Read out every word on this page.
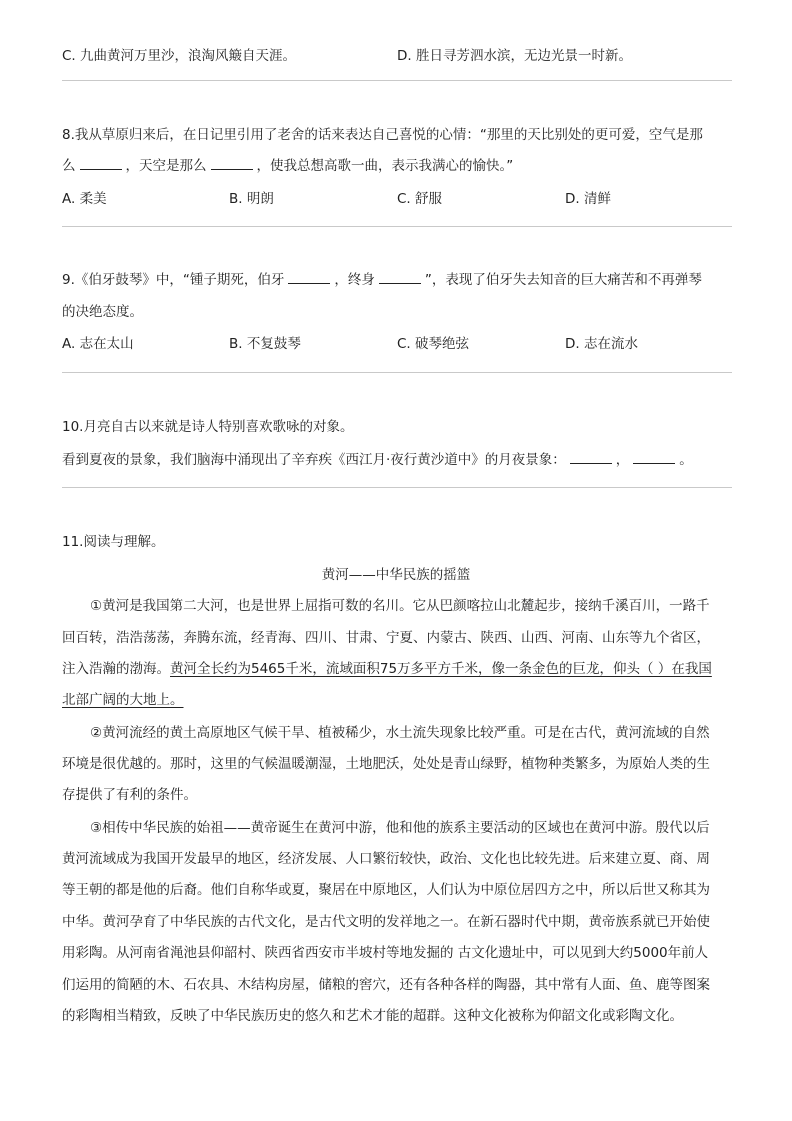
C. 九曲黄河万里沙，浪淘风簸自天涯。	D. 胜日寻芳泗水滨，无边光景一时新。
8.我从草原归来后，在日记里引用了老舍的话来表达自己喜悦的心情：“那里的天比别处的更可爱，空气是那
么	，天空是那么	，使我总想高歌一曲，表示我满心的愉快。”
A. 柔美	B. 明朗	C. 舒服	D. 清鲜
9.《伯牙鼓琴》中，“锺子期死，伯牙	，终身	”，表现了伯牙失去知音的巨大痛苦和不再弹琴
的决绝态度。
A. 志在太山	B. 不复鼓琴	C. 破琴绝弦	D. 志在流水
10.月亮自古以来就是诗人特别喜欢歌咏的对象。
看到夏夜的景象，我们脑海中涌现出了辛弃疾《西江月·夜行黄沙道中》的月夜景象：	，	。
11.阅读与理解。
黄河——中华民族的摇篮
①黄河是我国第二大河，也是世界上屈指可数的名川。它从巴颜喀拉山北麓起步，接纳千溪百川，一路千
回百转，浩浩荡荡，奔腾东流，经青海、四川、甘肃、宁夏、内蒙古、陕西、山西、河南、山东等九个省区，
注入浩瀚的渤海。黄河全长约为5465千米，流域面积75万多平方千米，像一条金色的巨龙，仰头（ ）在我国
北部广阔的大地上。
②黄河流经的黄土高原地区气候干旱、植被稀少，水土流失现象比较严重。可是在古代，黄河流域的自然
环境是很优越的。那时，这里的气候温暖潮湿，土地肥沃，处处是青山绿野，植物种类繁多，为原始人类的生
存提供了有利的条件。
③相传中华民族的始祖——黄帝诞生在黄河中游，他和他的族系主要活动的区域也在黄河中游。殷代以后
黄河流域成为我国开发最早的地区，经济发展、人口繁衍较快，政治、文化也比较先进。后来建立夏、商、周
等王朝的都是他的后裔。他们自称华或夏，聚居在中原地区，人们认为中原位居四方之中，所以后世又称其为
中华。黄河孕育了中华民族的古代文化，是古代文明的发祥地之一。在新石器时代中期，黄帝族系就已开始使
用彩陶。从河南省渑池县仰韶村、陕西省西安市半坡村等地发掘的 古文化遗址中，可以见到大约5000年前人
们运用的简陋的木、石农具、木结构房屋，储粮的窖穴，还有各种各样的陶器，其中常有人面、鱼、鹿等图案
的彩陶相当精致，反映了中华民族历史的悠久和艺术才能的超群。这种文化被称为仰韶文化或彩陶文化。
